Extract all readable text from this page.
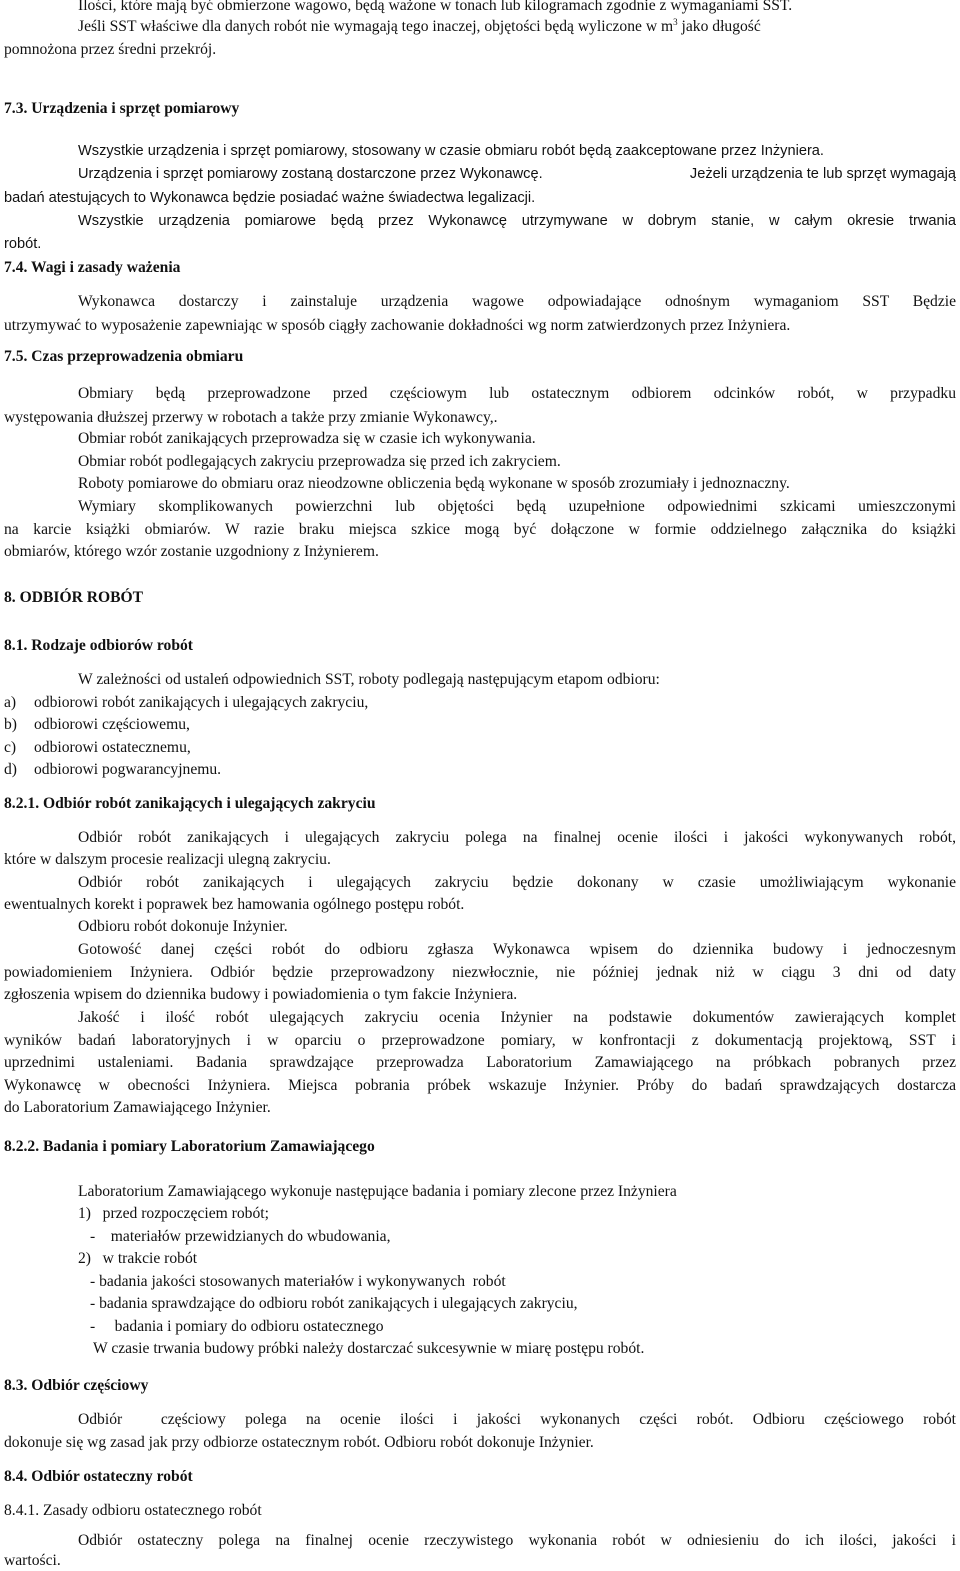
Ilości, które mają być obmierzone wagowo, będą ważone w tonach lub kilogramach zgodnie z wymaganiami SST.
Jeśli SST właściwe dla danych robót nie wymagają tego inaczej, objętości będą wyliczone w $m^3$ jako długość
pomnożona przez średni przekrój.
7.3. Urządzenia i sprzęt pomiarowy
Wszystkie urządzenia i sprzęt pomiarowy, stosowany w czasie obmiaru robót będą zaakceptowane przez Inżyniera.
Urządzenia i sprzęt pomiarowy zostaną dostarczone przez Wykonawcę.	Jeżeli urządzenia te lub sprzęt wymagają
badań atestujących to Wykonawca będzie posiadać ważne świadectwa legalizacji.
Wszystkie urządzenia pomiarowe będą przez Wykonawcę utrzymywane w dobrym stanie, w całym okresie trwania
robót.
7.4. Wagi i zasady ważenia
Wykonawca dostarczy i zainstaluje urządzenia wagowe odpowiadające odnośnym wymaganiom SST Będzie
utrzymywać to wyposażenie zapewniając w sposób ciągły zachowanie dokładności wg norm zatwierdzonych przez Inżyniera.
7.5. Czas przeprowadzenia obmiaru
Obmiary będą przeprowadzone przed częściowym lub ostatecznym odbiorem odcinków robót, w przypadku
występowania dłuższej przerwy w robotach a także przy zmianie Wykonawcy,.
Obmiar robót zanikających przeprowadza się w czasie ich wykonywania.
Obmiar robót podlegających zakryciu przeprowadza się przed ich zakryciem.
Roboty pomiarowe do obmiaru oraz nieodzowne obliczenia będą wykonane w sposób zrozumiały i jednoznaczny.
Wymiary skomplikowanych powierzchni lub objętości będą uzupełnione odpowiednimi szkicami umieszczonymi
na karcie książki obmiarów. W razie braku miejsca szkice mogą być dołączone w formie oddzielnego załącznika do książki
obmiarów, którego wzór zostanie uzgodniony z Inżynierem.
8. ODBIÓR ROBÓT
8.1. Rodzaje odbiorów robót
W zależności od ustaleń odpowiednich SST, roboty podlegają następującym etapom odbioru:
a) odbiorowi robót zanikających i ulegających zakryciu,
b) odbiorowi częściowemu,
c) odbiorowi ostatecznemu,
d) odbiorowi pogwarancyjnemu.
8.2.1. Odbiór robót zanikających i ulegających zakryciu
Odbiór robót zanikających i ulegających zakryciu polega na finalnej ocenie ilości i jakości wykonywanych robót,
które w dalszym procesie realizacji ulegną zakryciu.
Odbiór robót zanikających i ulegających zakryciu będzie dokonany w czasie umożliwiającym wykonanie
ewentualnych korekt i poprawek bez hamowania ogólnego postępu robót.
Odbioru robót dokonuje Inżynier.
Gotowość danej części robót do odbioru zgłasza Wykonawca wpisem do dziennika budowy i jednoczesnym
powiadomieniem Inżyniera. Odbiór będzie przeprowadzony niezwłocznie, nie później jednak niż w ciągu 3 dni od daty
zgłoszenia wpisem do dziennika budowy i powiadomienia o tym fakcie Inżyniera.
Jakość i ilość robót ulegających zakryciu ocenia Inżynier na podstawie dokumentów zawierających komplet
wyników badań laboratoryjnych i w oparciu o przeprowadzone pomiary, w konfrontacji z dokumentacją projektową, SST i
uprzednimi ustaleniami. Badania sprawdzające przeprowadza Laboratorium Zamawiającego na próbkach pobranych przez
Wykonawcę w obecności Inżyniera. Miejsca pobrania próbek wskazuje Inżynier. Próby do badań sprawdzających dostarcza
do Laboratorium Zamawiającego Inżynier.
8.2.2. Badania i pomiary Laboratorium Zamawiającego
Laboratorium Zamawiającego wykonuje następujące badania i pomiary zlecone przez Inżyniera
1)   przed rozpoczęciem robót;
-    materiałów przewidzianych do wbudowania,
2)   w trakcie robót
- badania jakości stosowanych materiałów i wykonywanych  robót
- badania sprawdzające do odbioru robót zanikających i ulegających zakryciu,
-     badania i pomiary do odbioru ostatecznego
W czasie trwania budowy próbki należy dostarczać sukcesywnie w miarę postępu robót.
8.3. Odbiór częściowy
Odbiór  częściowy polega na ocenie ilości i jakości wykonanych części robót. Odbioru częściowego robót
dokonuje się wg zasad jak przy odbiorze ostatecznym robót. Odbioru robót dokonuje Inżynier.
8.4. Odbiór ostateczny robót
8.4.1. Zasady odbioru ostatecznego robót
Odbiór ostateczny polega na finalnej ocenie rzeczywistego wykonania robót w odniesieniu do ich ilości, jakości i
wartości.
